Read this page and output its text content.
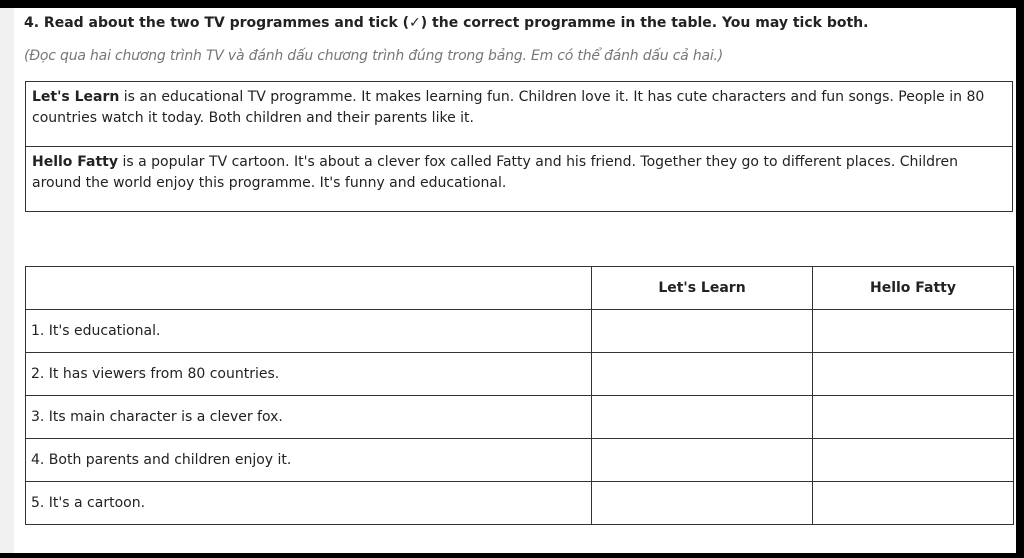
4. Read about the two TV programmes and tick (✓) the correct programme in the table. You may tick both.
(Đọc qua hai chương trình TV và đánh dấu chương trình đúng trong bảng. Em có thể đánh dấu cả hai.)
Let's Learn is an educational TV programme. It makes learning fun. Children love it. It has cute characters and fun songs. People in 80 countries watch it today. Both children and their parents like it.
Hello Fatty is a popular TV cartoon. It's about a clever fox called Fatty and his friend. Together they go to different places. Children around the world enjoy this programme. It's funny and educational.
	Let's Learn	Hello Fatty
1. It's educational.		
2. It has viewers from 80 countries.		
3. Its main character is a clever fox.		
4. Both parents and children enjoy it.		
5. It's a cartoon.		
